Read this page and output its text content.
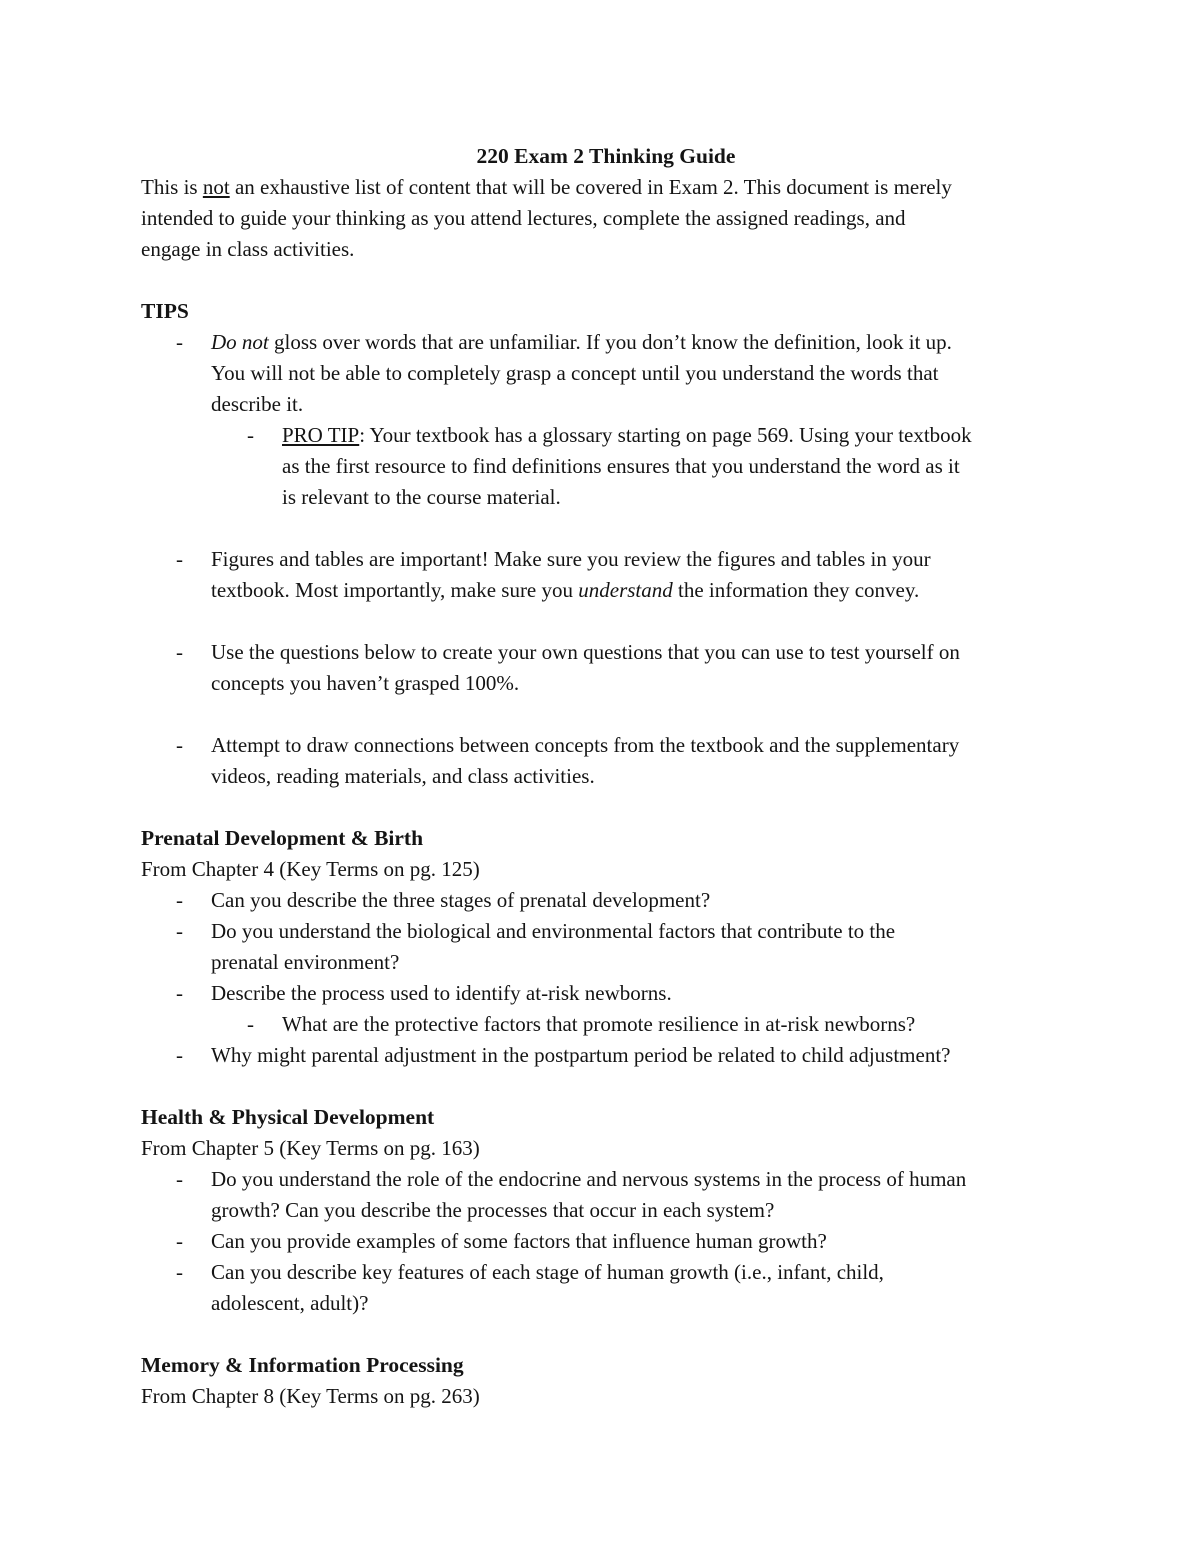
220 Exam 2 Thinking Guide

This is not an exhaustive list of content that will be covered in Exam 2. This document is merely

intended to guide your thinking as you attend lectures, complete the assigned readings, and

engage in class activities.

TIPS

- Do not gloss over words that are unfamiliar. If you don’t know the definition, look it up.

You will not be able to completely grasp a concept until you understand the words that

describe it.

- PRO TIP: Your textbook has a glossary starting on page 569. Using your textbook

as the first resource to find definitions ensures that you understand the word as it

is relevant to the course material.

- Figures and tables are important! Make sure you review the figures and tables in your

textbook. Most importantly, make sure you understand the information they convey.

- Use the questions below to create your own questions that you can use to test yourself on

concepts you haven’t grasped 100%.

- Attempt to draw connections between concepts from the textbook and the supplementary

videos, reading materials, and class activities.

Prenatal Development & Birth

From Chapter 4 (Key Terms on pg. 125)

- Can you describe the three stages of prenatal development?

- Do you understand the biological and environmental factors that contribute to the

prenatal environment?

- Describe the process used to identify at-risk newborns.

- What are the protective factors that promote resilience in at-risk newborns?

- Why might parental adjustment in the postpartum period be related to child adjustment?

Health & Physical Development

From Chapter 5 (Key Terms on pg. 163)

- Do you understand the role of the endocrine and nervous systems in the process of human

growth? Can you describe the processes that occur in each system?

- Can you provide examples of some factors that influence human growth?

- Can you describe key features of each stage of human growth (i.e., infant, child,

adolescent, adult)?

Memory & Information Processing

From Chapter 8 (Key Terms on pg. 263)
